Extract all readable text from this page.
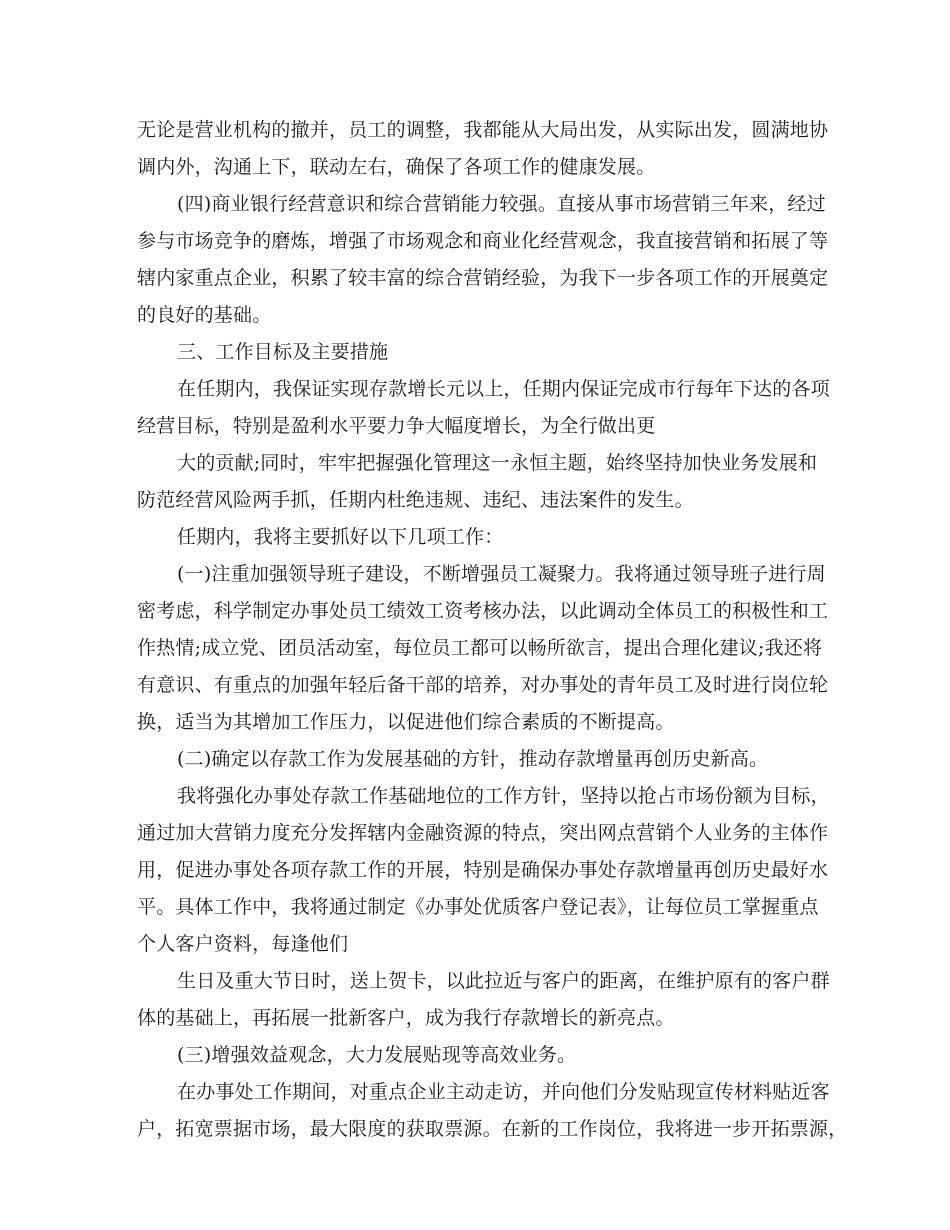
无论是营业机构的撤并，员工的调整，我都能从大局出发，从实际出发，圆满地协
调内外，沟通上下，联动左右，确保了各项工作的健康发展。
(四)商业银行经营意识和综合营销能力较强。直接从事市场营销三年来，经过
参与市场竞争的磨炼，增强了市场观念和商业化经营观念，我直接营销和拓展了等
辖内家重点企业，积累了较丰富的综合营销经验，为我下一步各项工作的开展奠定
的良好的基础。
三、工作目标及主要措施
在任期内，我保证实现存款增长元以上，任期内保证完成市行每年下达的各项
经营目标，特别是盈利水平要力争大幅度增长，为全行做出更
大的贡献;同时，牢牢把握强化管理这一永恒主题，始终坚持加快业务发展和
防范经营风险两手抓，任期内杜绝违规、违纪、违法案件的发生。
任期内，我将主要抓好以下几项工作：
(一)注重加强领导班子建设，不断增强员工凝聚力。我将通过领导班子进行周
密考虑，科学制定办事处员工绩效工资考核办法，以此调动全体员工的积极性和工
作热情;成立党、团员活动室，每位员工都可以畅所欲言，提出合理化建议;我还将
有意识、有重点的加强年轻后备干部的培养，对办事处的青年员工及时进行岗位轮
换，适当为其增加工作压力，以促进他们综合素质的不断提高。
(二)确定以存款工作为发展基础的方针，推动存款增量再创历史新高。
我将强化办事处存款工作基础地位的工作方针，坚持以抢占市场份额为目标，
通过加大营销力度充分发挥辖内金融资源的特点，突出网点营销个人业务的主体作
用，促进办事处各项存款工作的开展，特别是确保办事处存款增量再创历史最好水
平。具体工作中，我将通过制定《办事处优质客户登记表》，让每位员工掌握重点
个人客户资料，每逢他们
生日及重大节日时，送上贺卡，以此拉近与客户的距离，在维护原有的客户群
体的基础上，再拓展一批新客户，成为我行存款增长的新亮点。
(三)增强效益观念，大力发展贴现等高效业务。
在办事处工作期间，对重点企业主动走访，并向他们分发贴现宣传材料贴近客
户，拓宽票据市场，最大限度的获取票源。在新的工作岗位，我将进一步开拓票源，
